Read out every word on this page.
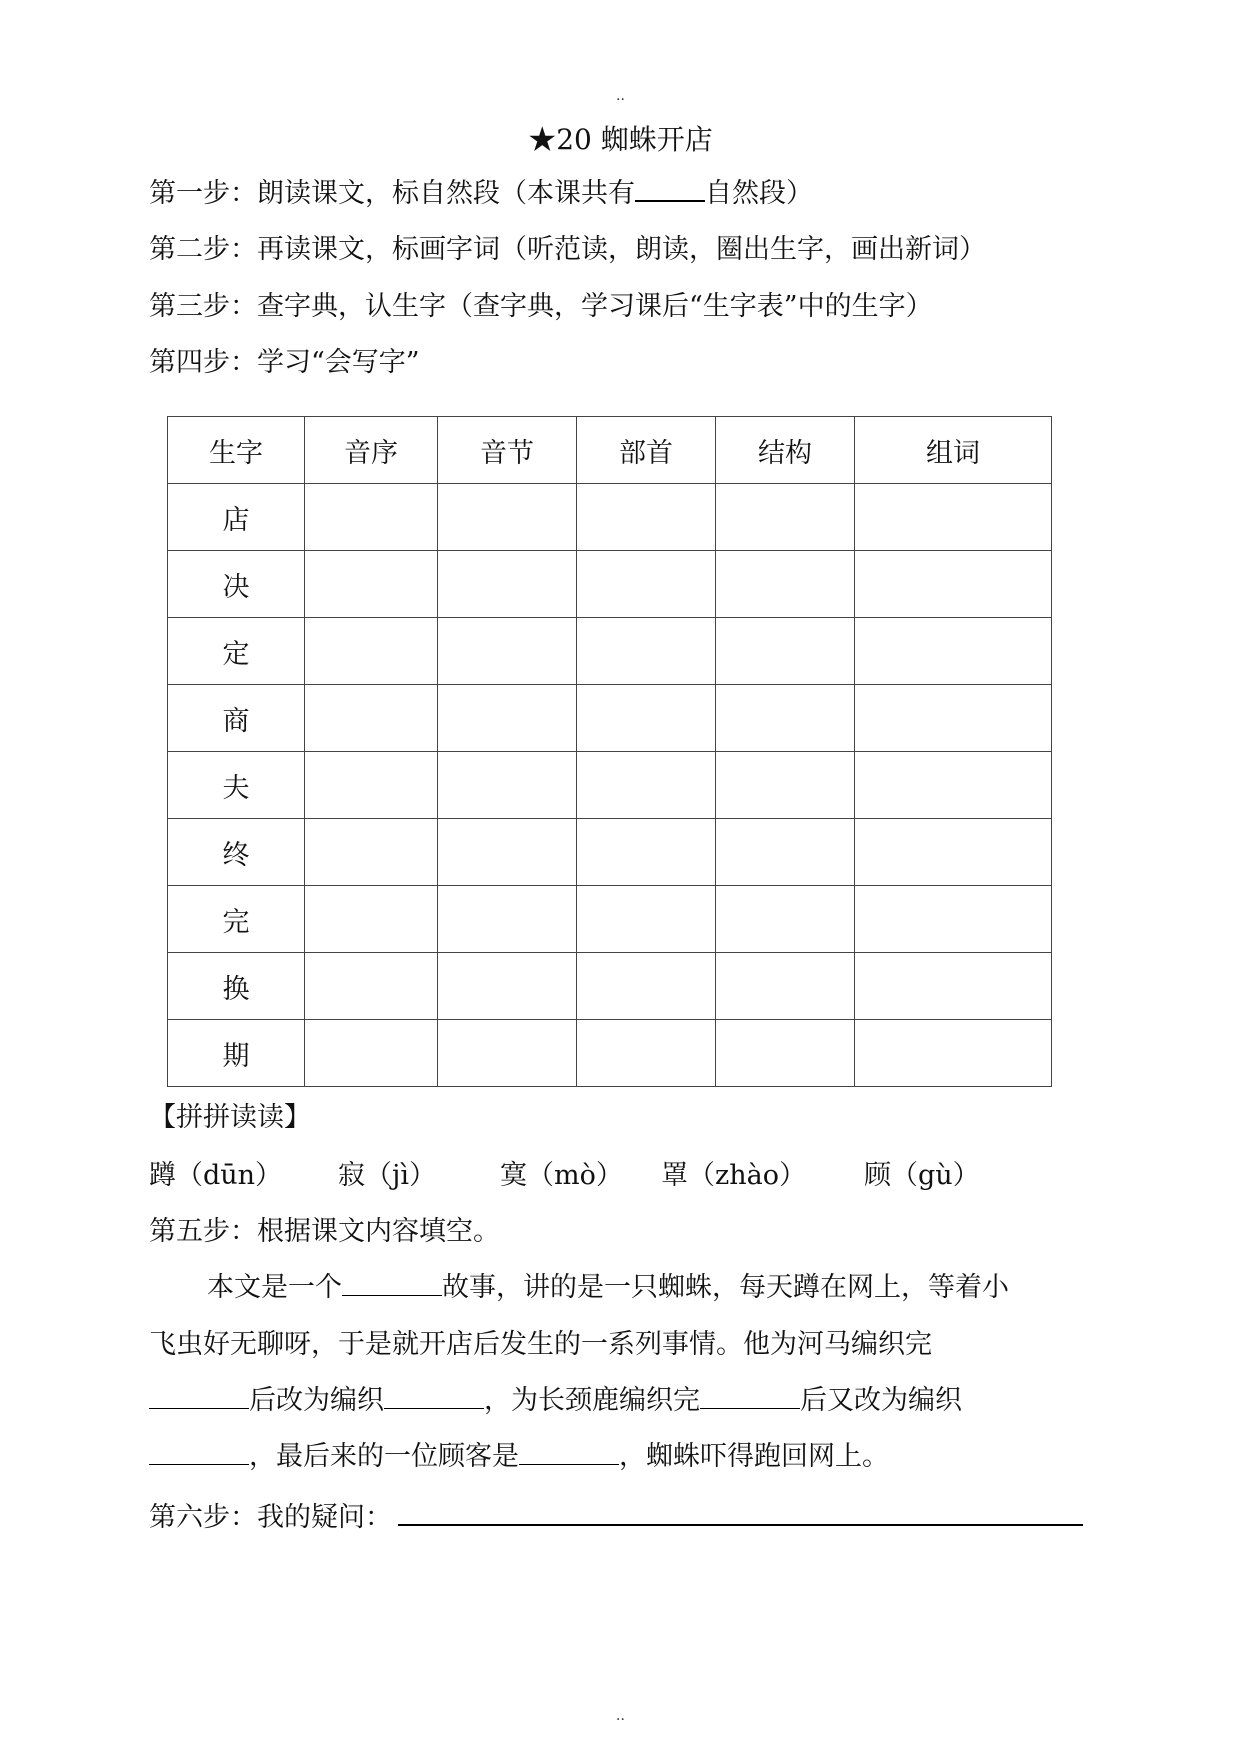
··
★20 蜘蛛开店
第一步：朗读课文，标自然段（本课共有	自然段）
第二步：再读课文，标画字词（听范读，朗读，圈出生字，画出新词）
第三步：查字典，认生字（查字典，学习课后“生字表”中的生字）
第四步：学习“会写字”
生字	音序	音节	部首	结构	组词
店					
决					
定					
商					
夫					
终					
完					
换					
期					
【拼拼读读】
蹲（dūn） 寂（jì） 寞（mò） 罩（zhào） 顾（gù）
第五步：根据课文内容填空。
本文是一个	故事，讲的是一只蜘蛛，每天蹲在网上，等着小
飞虫好无聊呀，于是就开店后发生的一系列事情。他为河马编织完
后改为编织	，为长颈鹿编织完	后又改为编织
，最后来的一位顾客是	，蜘蛛吓得跑回网上。
第六步：我的疑问：
··
